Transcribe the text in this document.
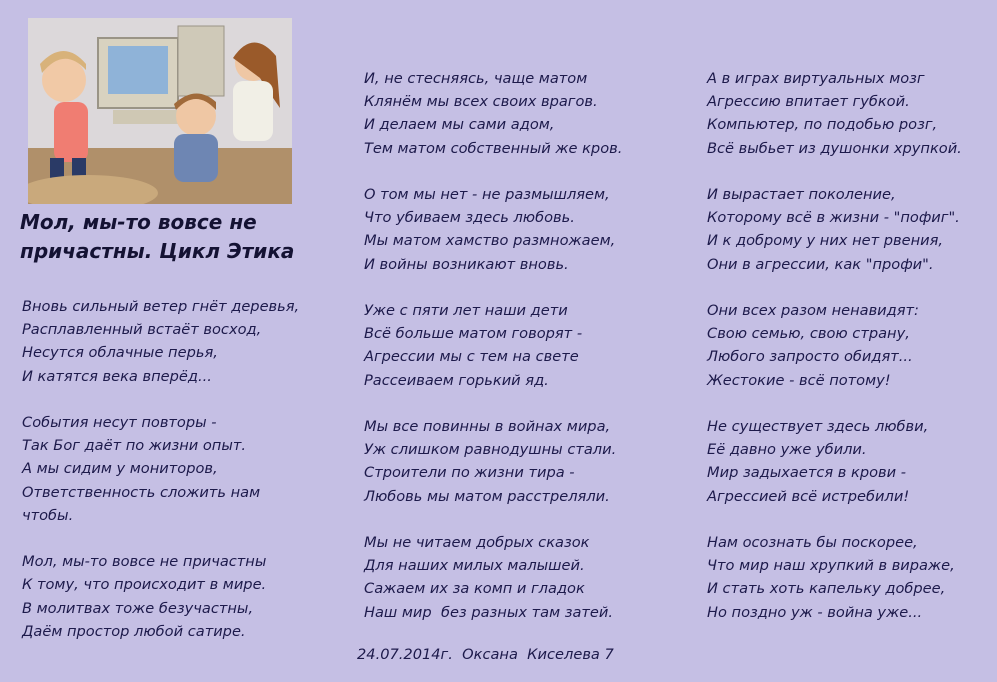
Мол, мы-то вовсе не причастны. Цикл Этика
Вновь сильный ветер гнёт деревья,
Расплавленный встаёт восход,
Несутся облачные перья,
И катятся века вперёд...
События несут повторы -
Так Бог даёт по жизни опыт.
А мы сидим у мониторов,
Ответственность сложить нам чтобы.
Мол, мы-то вовсе не причастны
К тому, что происходит в мире.
В молитвах тоже безучастны,
Даём простор любой сатире.
И, не стесняясь, чаще матом
Клянём мы всех своих врагов.
И делаем мы сами адом,
Тем матом собственный же кров.
О том мы нет - не размышляем,
Что убиваем здесь любовь.
Мы матом хамство размножаем,
И войны возникают вновь.
Уже с пяти лет наши дети
Всё больше матом говорят -
Агрессии мы с тем на свете
Рассеиваем горький яд.
Мы все повинны в войнах мира,
Уж слишком равнодушны стали.
Строители по жизни тира -
Любовь мы матом расстреляли.
Мы не читаем добрых сказок
Для наших милых малышей.
Сажаем их за комп и гладок
Наш мир  без разных там затей.
А в играх виртуальных мозг
Агрессию впитает губкой.
Компьютер, по подобью розг,
Всё выбьет из душонки хрупкой.
И вырастает поколение,
Которому всё в жизни - "пофиг".
И к доброму у них нет рвения,
Они в агрессии, как "профи".
Они всех разом ненавидят:
Свою семью, свою страну,
Любого запросто обидят...
Жестокие - всё потому!
Не существует здесь любви,
Её давно уже убили.
Мир задыхается в крови -
Агрессией всё истребили!
Нам осознать бы поскорее,
Что мир наш хрупкий в вираже,
И стать хоть капельку добрее,
Но поздно уж - война уже...
24.07.2014г.  Оксана  Киселева 7
